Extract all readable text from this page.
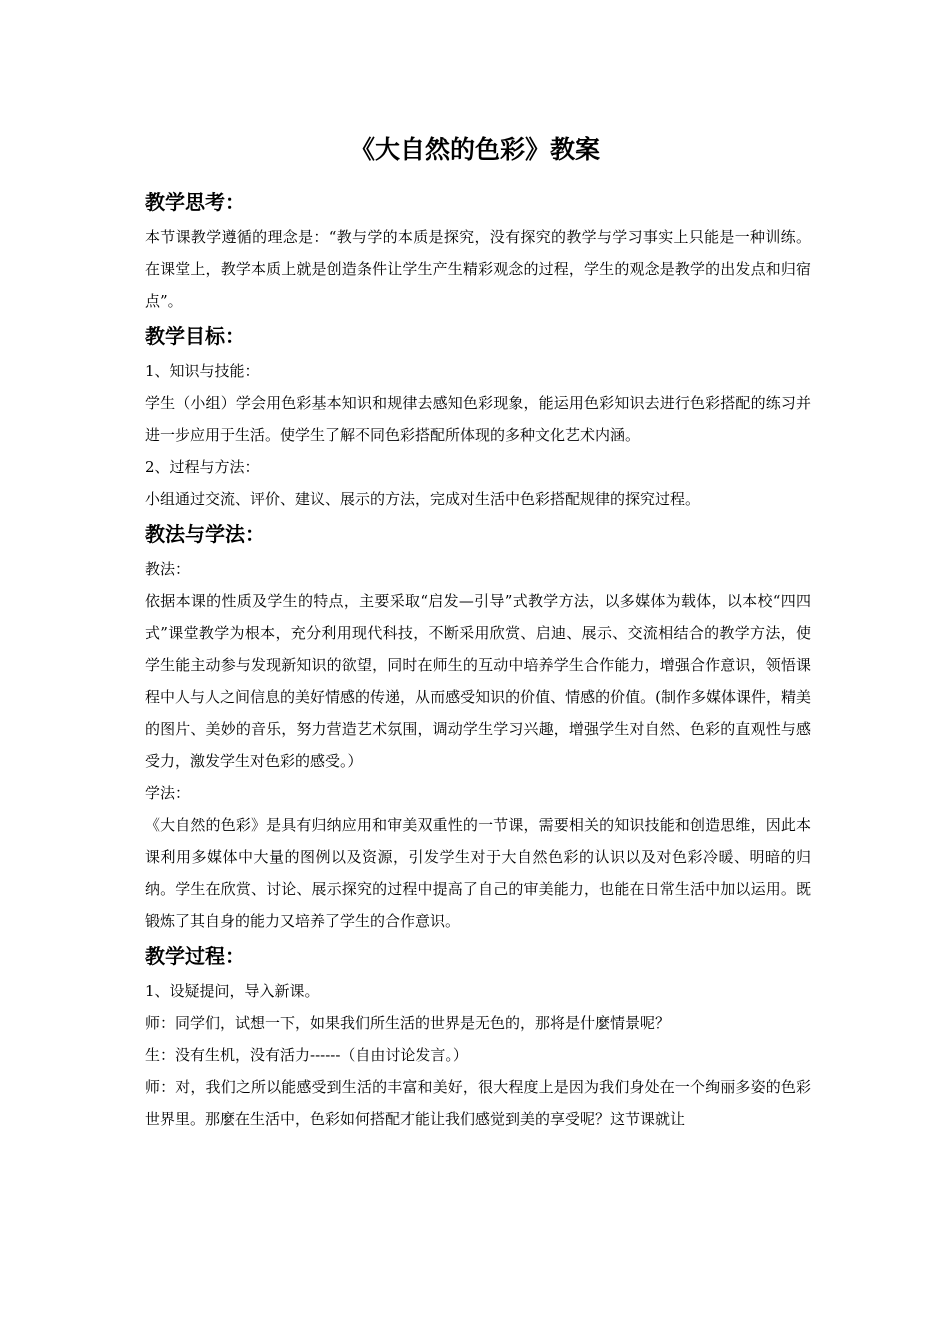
《大自然的色彩》教案
教学思考：

本节课教学遵循的理念是：“教与学的本质是探究，没有探究的教学与学习事实上只能是一种训练。在课堂上，教学本质上就是创造条件让学生产生精彩观念的过程，学生的观念是教学的出发点和归宿点”。

教学目标：

1、知识与技能：

学生（小组）学会用色彩基本知识和规律去感知色彩现象，能运用色彩知识去进行色彩搭配的练习并进一步应用于生活。使学生了解不同色彩搭配所体现的多种文化艺术内涵。

2、过程与方法：

小组通过交流、评价、建议、展示的方法，完成对生活中色彩搭配规律的探究过程。

教法与学法：

教法：

依据本课的性质及学生的特点，主要采取“启发—引导”式教学方法，以多媒体为载体，以本校“四四式”课堂教学为根本，充分利用现代科技，不断采用欣赏、启迪、展示、交流相结合的教学方法，使学生能主动参与发现新知识的欲望，同时在师生的互动中培养学生合作能力，增强合作意识，领悟课程中人与人之间信息的美好情感的传递，从而感受知识的价值、情感的价值。(制作多媒体课件，精美的图片、美妙的音乐，努力营造艺术氛围，调动学生学习兴趣，增强学生对自然、色彩的直观性与感受力，激发学生对色彩的感受。）

学法：

《大自然的色彩》是具有归纳应用和审美双重性的一节课，需要相关的知识技能和创造思维，因此本课利用多媒体中大量的图例以及资源，引发学生对于大自然色彩的认识以及对色彩冷暖、明暗的归纳。学生在欣赏、讨论、展示探究的过程中提高了自己的审美能力，也能在日常生活中加以运用。既锻炼了其自身的能力又培养了学生的合作意识。

教学过程：

1、设疑提问，导入新课。

师：同学们，试想一下，如果我们所生活的世界是无色的，那将是什麼情景呢？

生：没有生机，没有活力------（自由讨论发言。）

师：对，我们之所以能感受到生活的丰富和美好，很大程度上是因为我们身处在一个绚丽多姿的色彩世界里。那麼在生活中，色彩如何搭配才能让我们感觉到美的享受呢？这节课就让
